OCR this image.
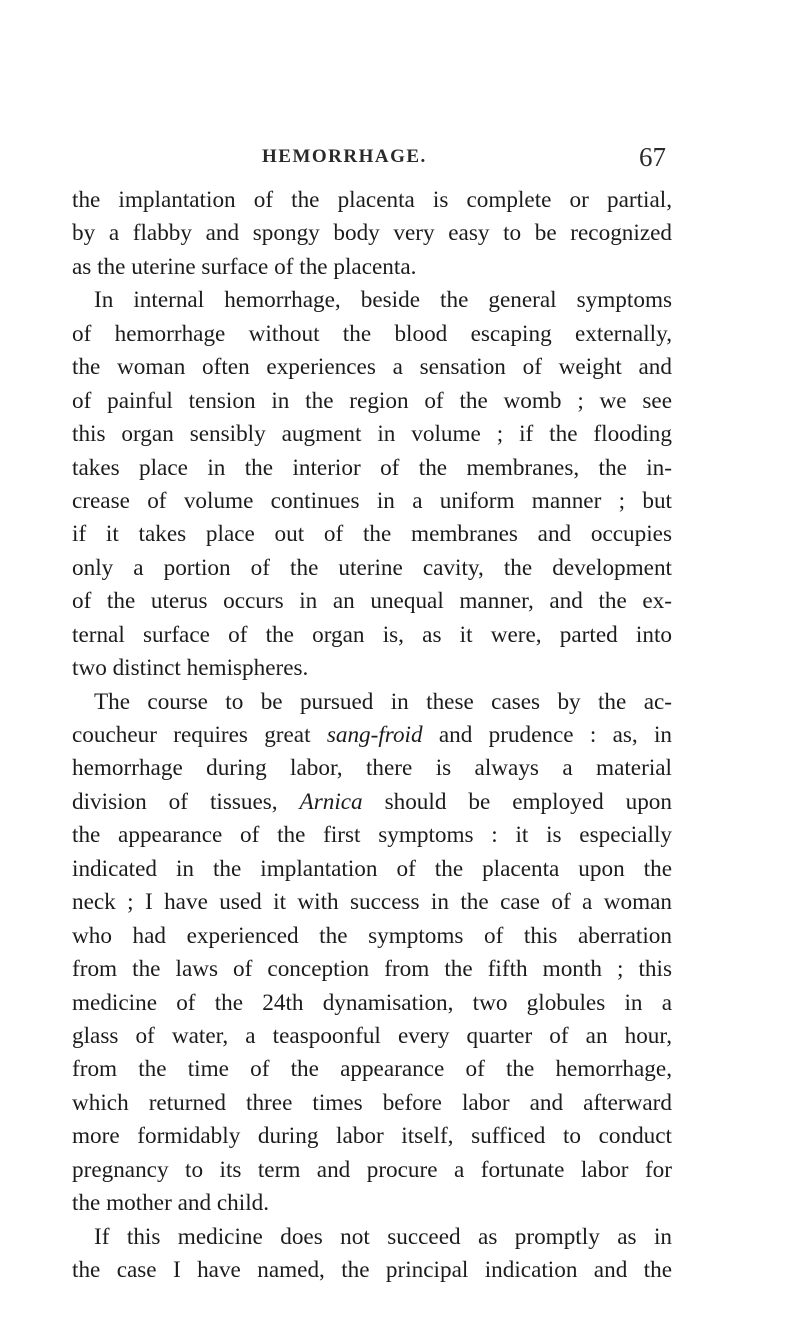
HEMORRHAGE.	67
the implantation of the placenta is complete or partial,
by a flabby and spongy body very easy to be recognized
as the uterine surface of the placenta.
In internal hemorrhage, beside the general symptoms
of hemorrhage without the blood escaping externally,
the woman often experiences a sensation of weight and
of painful tension in the region of the womb ; we see
this organ sensibly augment in volume ; if the flooding
takes place in the interior of the membranes, the in-
crease of volume continues in a uniform manner ; but
if it takes place out of the membranes and occupies
only a portion of the uterine cavity, the development
of the uterus occurs in an unequal manner, and the ex-
ternal surface of the organ is, as it were, parted into
two distinct hemispheres.
The course to be pursued in these cases by the ac-
coucheur requires great sang-froid and prudence : as, in
hemorrhage during labor, there is always a material
division of tissues, Arnica should be employed upon
the appearance of the first symptoms : it is especially
indicated in the implantation of the placenta upon the
neck ; I have used it with success in the case of a woman
who had experienced the symptoms of this aberration
from the laws of conception from the fifth month ; this
medicine of the 24th dynamisation, two globules in a
glass of water, a teaspoonful every quarter of an hour,
from the time of the appearance of the hemorrhage,
which returned three times before labor and afterward
more formidably during labor itself, sufficed to conduct
pregnancy to its term and procure a fortunate labor for
the mother and child.
If this medicine does not succeed as promptly as in
the case I have named, the principal indication and the
